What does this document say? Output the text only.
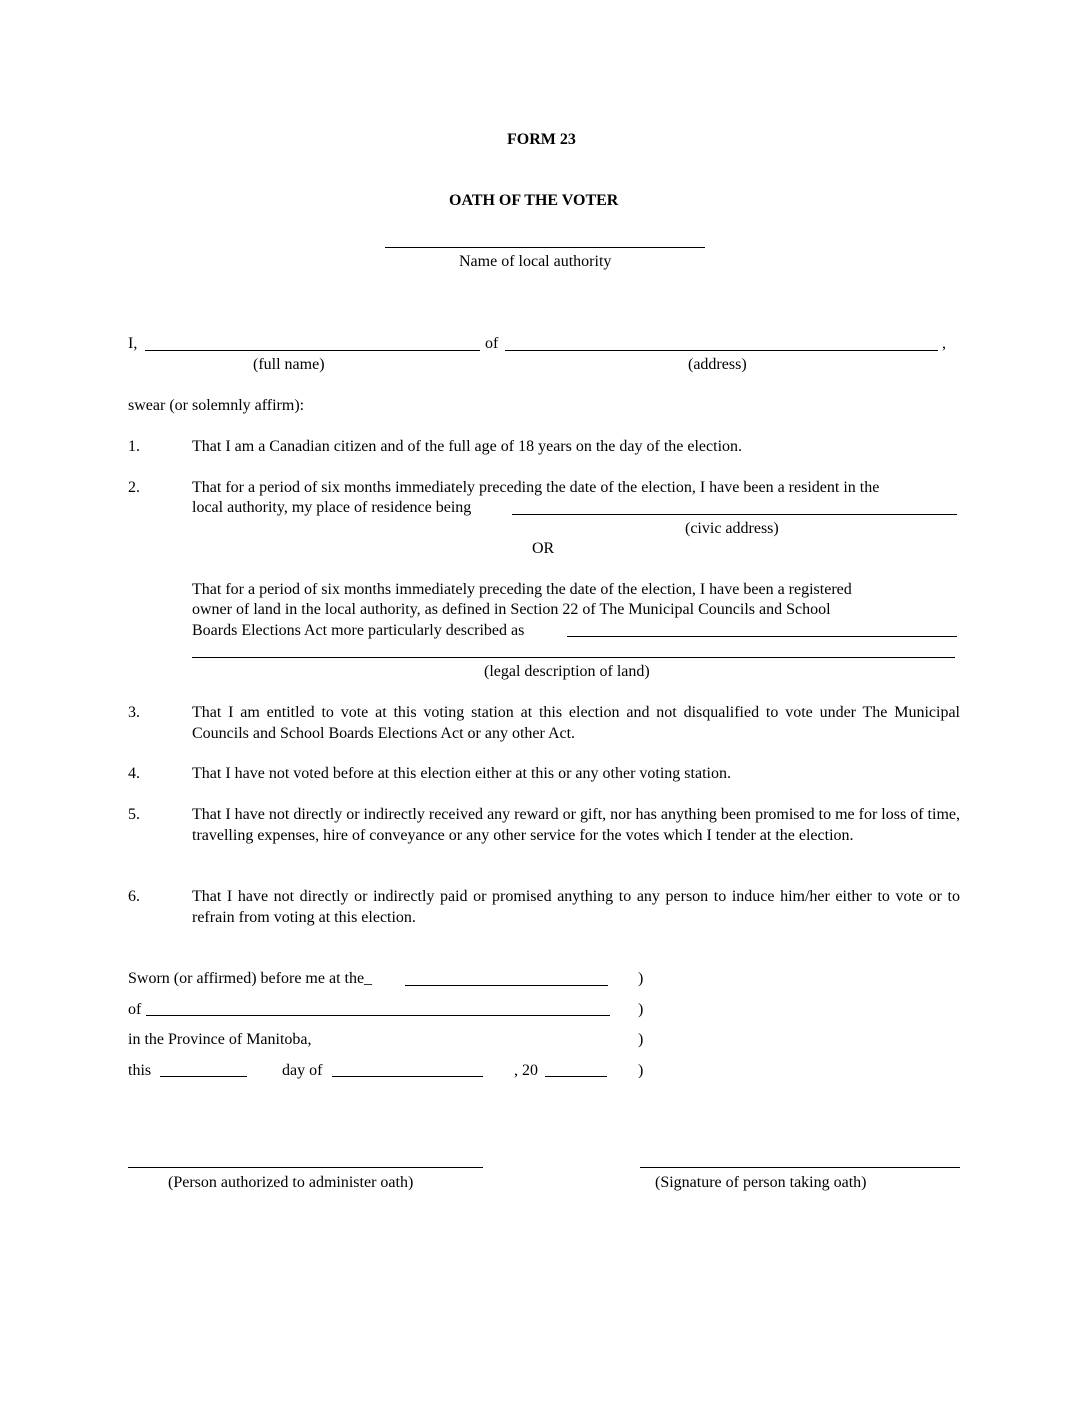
FORM 23
OATH OF THE VOTER
Name of local authority
I,	of	,
(full name)	(address)
swear (or solemnly affirm):
1.	That I am a Canadian citizen and of the full age of 18 years on the day of the election.
2.	That for a period of six months immediately preceding the date of the election, I have been a resident in the
local authority, my place of residence being
(civic address)
OR
That for a period of six months immediately preceding the date of the election, I have been a registered
owner of land in the local authority, as defined in Section 22 of The Municipal Councils and School
Boards Elections Act more particularly described as
(legal description of land)
3.	That I am entitled to vote at this voting station at this election and not disqualified to vote under The Municipal Councils and School Boards Elections Act or any other Act.
4.	That I have not voted before at this election either at this or any other voting station.
5.	That I have not directly or indirectly received any reward or gift, nor has anything been promised to me for loss of time, travelling expenses, hire of conveyance or any other service for the votes which I tender at the election.
6.	That I have not directly or indirectly paid or promised anything to any person to induce him/her either to vote or to refrain from voting at this election.
Sworn (or affirmed) before me at the_	)
of	)
in the Province of Manitoba,	)
this	day of	, 20	)
(Person authorized to administer oath)	(Signature of person taking oath)
